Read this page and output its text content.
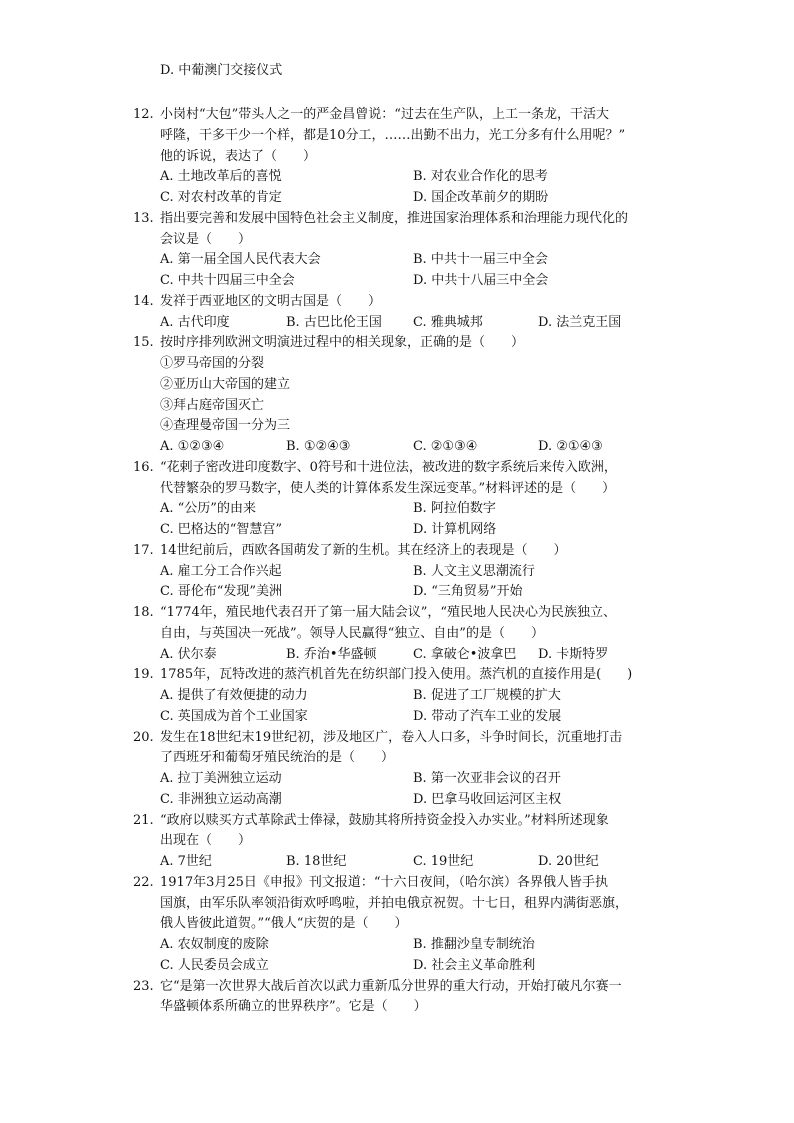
D. 中葡澳门交接仪式
12. 小岗村“大包”带头人之一的严金昌曾说：“过去在生产队，上工一条龙，干活大
呼隆，干多干少一个样，都是10分工，……出勤不出力，光工分多有什么用呢？”
他的诉说，表达了（　　）
A. 土地改革后的喜悦	B. 对农业合作化的思考
C. 对农村改革的肯定	D. 国企改革前夕的期盼
13. 指出要完善和发展中国特色社会主义制度，推进国家治理体系和治理能力现代化的
会议是（　　）
A. 第一届全国人民代表大会	B. 中共十一届三中全会
C. 中共十四届三中全会	D. 中共十八届三中全会
14. 发祥于西亚地区的文明古国是（　　）
A. 古代印度	B. 古巴比伦王国 C. 雅典城邦	D. 法兰克王国
15. 按时序排列欧洲文明演进过程中的相关现象，正确的是（　　）
①罗马帝国的分裂
②亚历山大帝国的建立
③拜占庭帝国灭亡
④查理曼帝国一分为三
A. ①②③④	B. ①②④③	C. ②①③④	D. ②①④③
16. “花剌子密改进印度数字、0符号和十进位法，被改进的数字系统后来传入欧洲，
代替繁杂的罗马数字，使人类的计算体系发生深远变革。”材料评述的是（　　）
A. “公历”的由来	B. 阿拉伯数字
C. 巴格达的“智慧宫”	D. 计算机网络
17. 14世纪前后，西欧各国萌发了新的生机。其在经济上的表现是（　　）
A. 雇工分工合作兴起	B. 人文主义思潮流行
C. 哥伦布“发现”美洲	D. “三角贸易”开始
18. “1774年，殖民地代表召开了第一届大陆会议”，“殖民地人民决心为民族独立、
自由，与英国决一死战”。领导人民赢得“独立、自由”的是（　　）
A. 伏尔泰	B. 乔治•华盛顿	C. 拿破仑•波拿巴 D. 卡斯特罗
19. 1785年，瓦特改进的蒸汽机首先在纺织部门投入使用。蒸汽机的直接作用是(　　)
A. 提供了有效便捷的动力	B. 促进了工厂规模的扩大
C. 英国成为首个工业国家	D. 带动了汽车工业的发展
20. 发生在18世纪末19世纪初，涉及地区广，卷入人口多，斗争时间长，沉重地打击
了西班牙和葡萄牙殖民统治的是（　　）
A. 拉丁美洲独立运动	B. 第一次亚非会议的召开
C. 非洲独立运动高潮	D. 巴拿马收回运河区主权
21. “政府以赎买方式革除武士俸禄，鼓励其将所持资金投入办实业。”材料所述现象
出现在（　　）
A. 7世纪	B. 18世纪	C. 19世纪	D. 20世纪
22. 1917年3月25日《申报》刊文报道：“十六日夜间，（哈尔滨）各界俄人皆手执
国旗，由军乐队率领沿街欢呼鸣啦，并拍电俄京祝贺。十七日，租界内满街恶旗，
俄人皆彼此道贺。”“俄人“庆贺的是（　　）
A. 农奴制度的废除	B. 推翻沙皇专制统治
C. 人民委员会成立	D. 社会主义革命胜利
23. 它“是第一次世界大战后首次以武力重新瓜分世界的重大行动，开始打破凡尔赛一
华盛顿体系所确立的世界秩序”。它是（　　）
